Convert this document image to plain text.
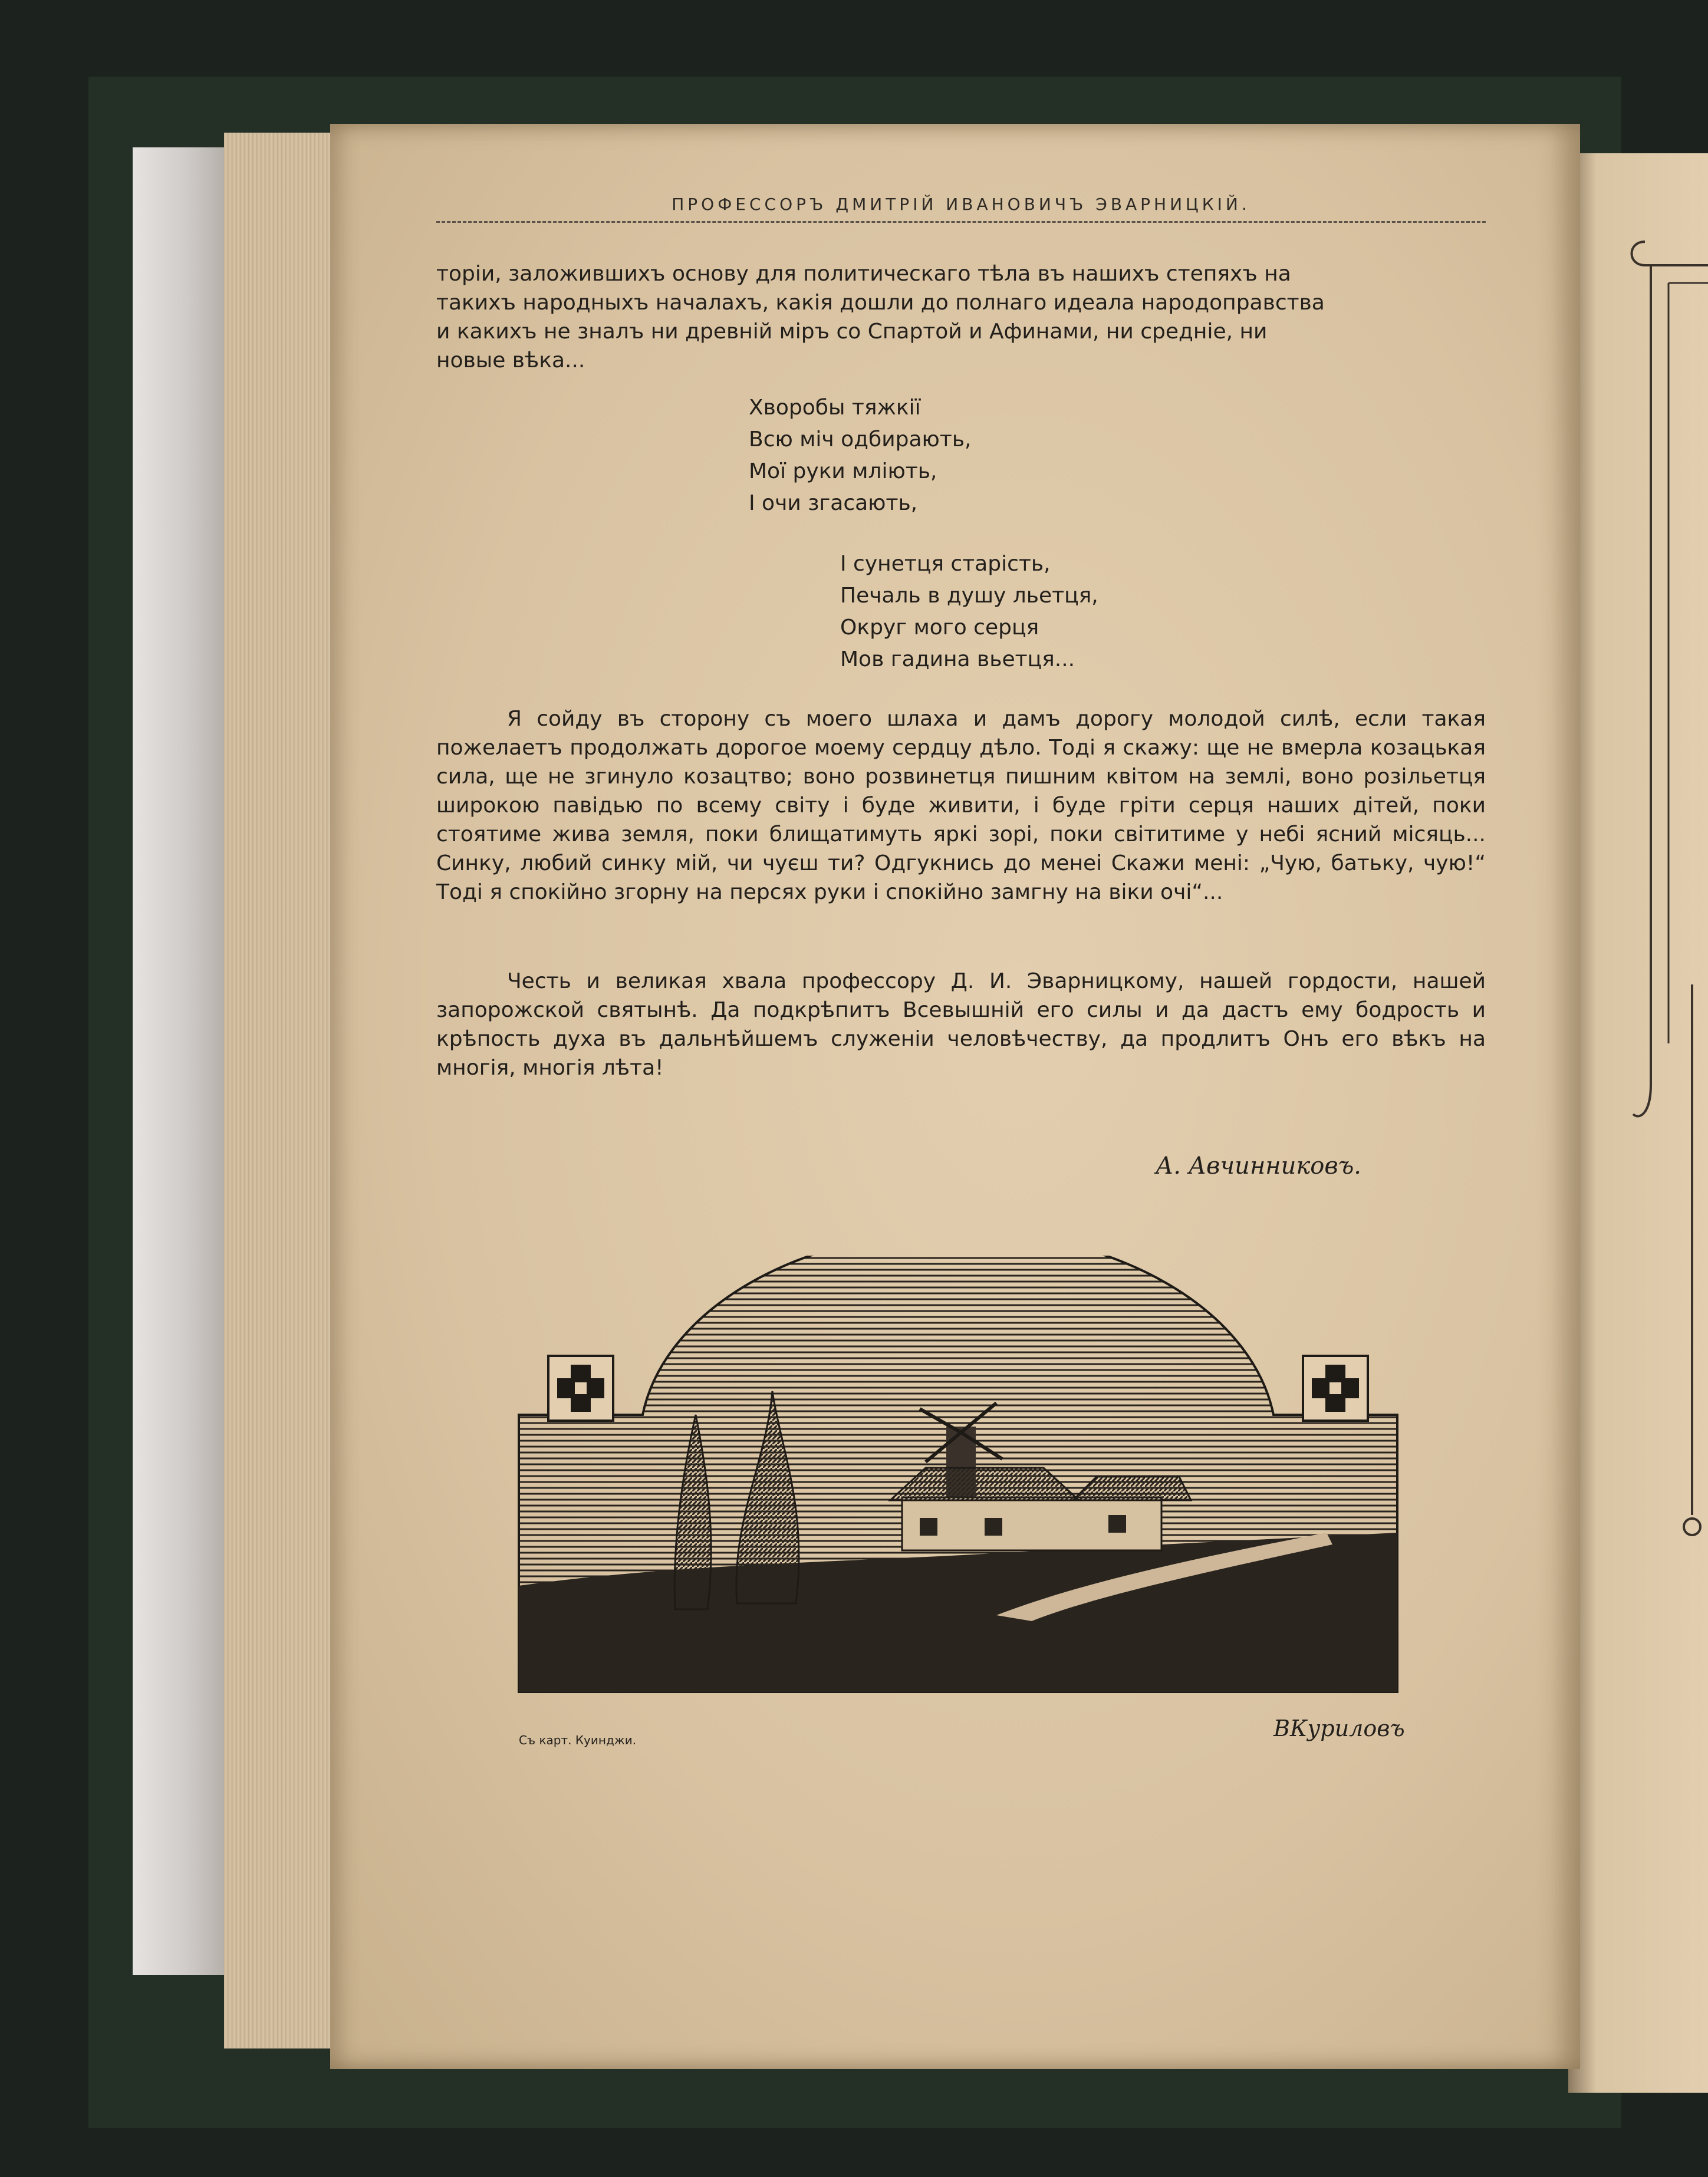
ПРОФЕССОРЪ ДМИТРІЙ ИВАНОВИЧЪ ЭВАРНИЦКІЙ.
торіи, заложившихъ основу для политическаго тѣла въ нашихъ степяхъ на
такихъ народныхъ началахъ, какія дошли до полнаго идеала народоправства
и какихъ не зналъ ни древній міръ со Спартой и Афинами, ни средніе, ни
новые вѣка...
Хворобы тяжкії
Всю міч одбирають,
Мої руки млiють,
І очи згасають,
І сунетця старість,
Печаль в душу льетця,
Округ мого серця
Мов гадина вьетця...

Я сойду въ сторону съ моего шлаха и дамъ дорогу молодой силѣ, если такая пожелаетъ продолжать дорогое моему сердцу дѣло. Тоді я скажу: ще не вмерла козацькая сила, ще не згинуло козацтво; воно розвинетця пишним квітом на землі, воно розільетця широкою павідью по всему світу і буде живити, і буде гріти серця наших дітей, поки стоятиме жива земля, поки блищатимуть яркі зорі, поки світитиме у небі ясний місяць... Синку, любий синку мій, чи чуєш ти? Одгукнись до менеі Скажи мені: „Чую, батьку, чую!“ Тоді я спокійно згорну на персях руки і спокійно замгну на віки очі“...

Честь и великая хвала профессору Д. И. Эварницкому, нашей гордости, нашей запорожской святынѣ. Да подкрѣпитъ Всевышній его силы и да дастъ ему бодрость и крѣпость духа въ дальнѣйшемъ служеніи человѣчеству, да продлитъ Онъ его вѣкъ на многія, многія лѣта!

А. Авчинниковъ.
Съ карт. Куинджи.	ВКуриловъ
